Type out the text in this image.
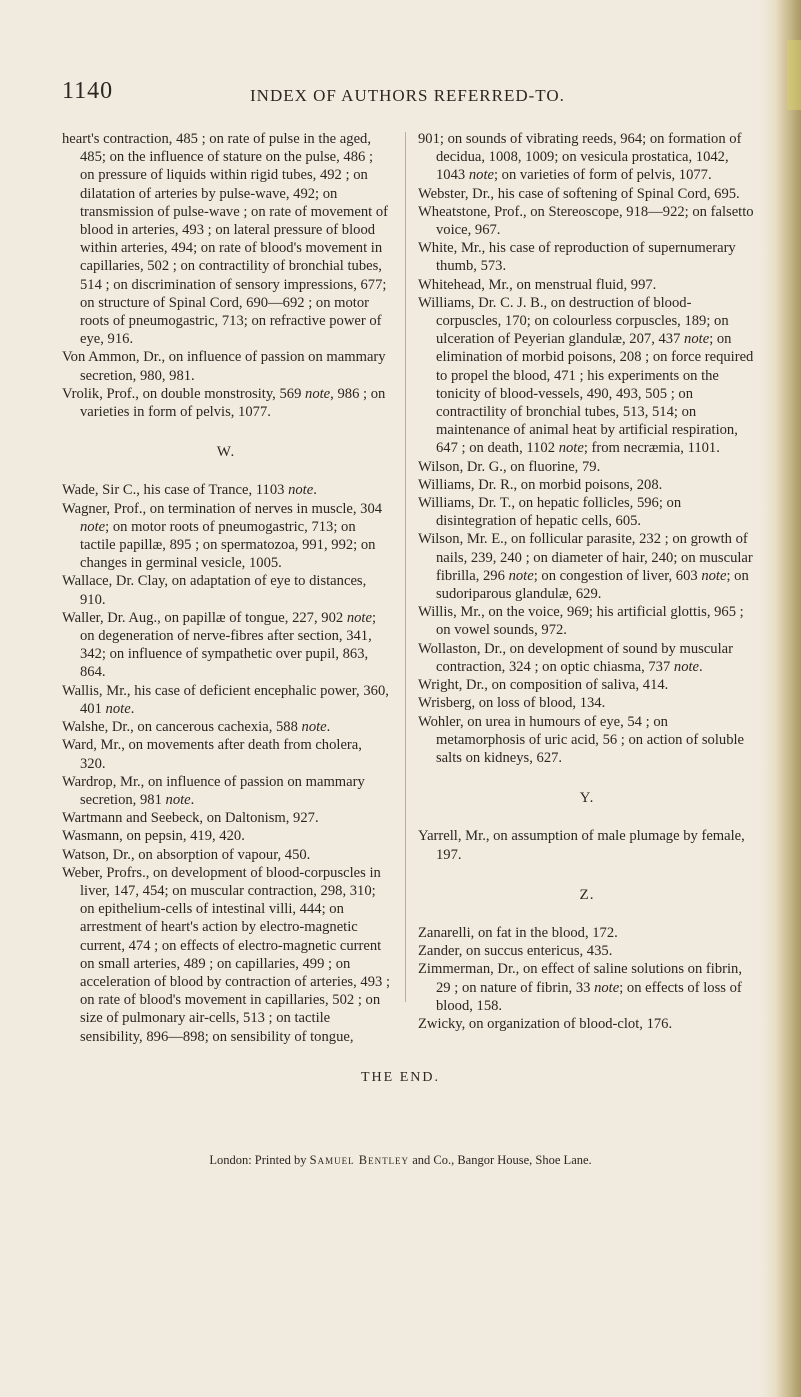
1140	INDEX OF AUTHORS REFERRED-TO.

heart's contraction, 485 ; on rate of pulse in the aged, 485; on the influence of stature on the pulse, 486 ; on pressure of liquids within rigid tubes, 492 ; on dilatation of arteries by pulse-wave, 492; on transmission of pulse-wave ; on rate of movement of blood in arteries, 493 ; on lateral pressure of blood within arteries, 494; on rate of blood's movement in capillaries, 502 ; on contractility of bronchial tubes, 514 ; on discrimination of sensory impressions, 677; on structure of Spinal Cord, 690—692 ; on motor roots of pneumogastric, 713; on refractive power of eye, 916.

Von Ammon, Dr., on influence of passion on mammary secretion, 980, 981.

Vrolik, Prof., on double monstrosity, 569 note, 986 ; on varieties in form of pelvis, 1077.

W.

Wade, Sir C., his case of Trance, 1103 note.

Wagner, Prof., on termination of nerves in muscle, 304 note; on motor roots of pneumogastric, 713; on tactile papillæ, 895 ; on spermatozoa, 991, 992; on changes in germinal vesicle, 1005.

Wallace, Dr. Clay, on adaptation of eye to distances, 910.

Waller, Dr. Aug., on papillæ of tongue, 227, 902 note; on degeneration of nerve-fibres after section, 341, 342; on influence of sympathetic over pupil, 863, 864.

Wallis, Mr., his case of deficient encephalic power, 360, 401 note.

Walshe, Dr., on cancerous cachexia, 588 note.

Ward, Mr., on movements after death from cholera, 320.

Wardrop, Mr., on influence of passion on mammary secretion, 981 note.

Wartmann and Seebeck, on Daltonism, 927.

Wasmann, on pepsin, 419, 420.

Watson, Dr., on absorption of vapour, 450.

Weber, Profrs., on development of blood-corpuscles in liver, 147, 454; on muscular contraction, 298, 310; on epithelium-cells of intestinal villi, 444; on arrestment of heart's action by electro-magnetic current, 474 ; on effects of electro-magnetic current on small arteries, 489 ; on capillaries, 499 ; on acceleration of blood by contraction of arteries, 493 ; on rate of blood's movement in capillaries, 502 ; on size of pulmonary air-cells, 513 ; on tactile sensibility, 896—898; on sensibility of tongue,

901; on sounds of vibrating reeds, 964; on formation of decidua, 1008, 1009; on vesicula prostatica, 1042, 1043 note; on varieties of form of pelvis, 1077.

Webster, Dr., his case of softening of Spinal Cord, 695.

Wheatstone, Prof., on Stereoscope, 918—922; on falsetto voice, 967.

White, Mr., his case of reproduction of supernumerary thumb, 573.

Whitehead, Mr., on menstrual fluid, 997.

Williams, Dr. C. J. B., on destruction of blood-corpuscles, 170; on colourless corpuscles, 189; on ulceration of Peyerian glandulæ, 207, 437 note; on elimination of morbid poisons, 208 ; on force required to propel the blood, 471 ; his experiments on the tonicity of blood-vessels, 490, 493, 505 ; on contractility of bronchial tubes, 513, 514; on maintenance of animal heat by artificial respiration, 647 ; on death, 1102 note; from necræmia, 1101.

Wilson, Dr. G., on fluorine, 79.

Williams, Dr. R., on morbid poisons, 208.

Williams, Dr. T., on hepatic follicles, 596; on disintegration of hepatic cells, 605.

Wilson, Mr. E., on follicular parasite, 232 ; on growth of nails, 239, 240 ; on diameter of hair, 240; on muscular fibrilla, 296 note; on congestion of liver, 603 note; on sudoriparous glandulæ, 629.

Willis, Mr., on the voice, 969; his artificial glottis, 965 ; on vowel sounds, 972.

Wollaston, Dr., on development of sound by muscular contraction, 324 ; on optic chiasma, 737 note.

Wright, Dr., on composition of saliva, 414.

Wrisberg, on loss of blood, 134.

Wohler, on urea in humours of eye, 54 ; on metamorphosis of uric acid, 56 ; on action of soluble salts on kidneys, 627.

Y.

Yarrell, Mr., on assumption of male plumage by female, 197.

Z.

Zanarelli, on fat in the blood, 172.

Zander, on succus entericus, 435.

Zimmerman, Dr., on effect of saline solutions on fibrin, 29 ; on nature of fibrin, 33 note; on effects of loss of blood, 158.

Zwicky, on organization of blood-clot, 176.

THE END.
London: Printed by Samuel Bentley and Co., Bangor House, Shoe Lane.
